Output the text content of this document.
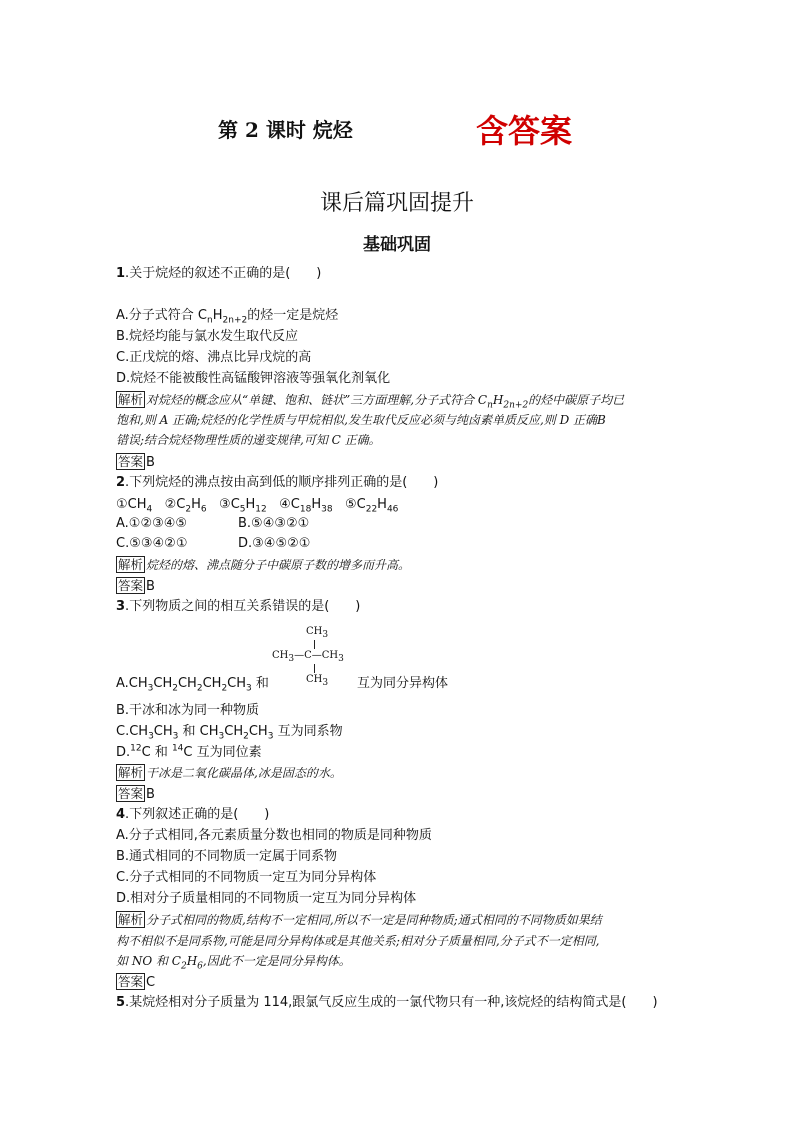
第 2 课时 烷烃	含答案
课后篇巩固提升
基础巩固
1.关于烷烃的叙述不正确的是(　　)
A.分子式符合 $C_nH_{2n+2}$的烃一定是烷烃
B.烷烃均能与氯水发生取代反应
C.正戊烷的熔、沸点比异戊烷的高
D.烷烃不能被酸性高锰酸钾溶液等强氧化剂氧化
解析 对烷烃的概念应从“单键、饱和、链状”三方面理解,分子式符合 $C_nH_{2n+2}$的烃中碳原子均已
饱和,则 A 正确;烷烃的化学性质与甲烷相似,发生取代反应必须与纯卤素单质反应,则 D 正确B
错误;结合烷烃物理性质的递变规律,可知 C 正确。
答案 B
2.下列烷烃的沸点按由高到低的顺序排列正确的是(　　)
$①CH_4$ $②C_2H_6$ $③C_5H_{12}$ $④C_{18}H_{38}$ $⑤C_{22}H_{46}$
A.①②③④⑤	B.⑤④③②①
C.⑤③④②①	D.③④⑤②①
解析 烷烃的熔、沸点随分子中碳原子数的增多而升高。
答案 B
3.下列物质之间的相互关系错误的是(　　)
$CH_3$
$CH_3—C—CH_3$
$CH_3$
$A.CH_3CH_2CH_2CH_2CH_3$ 和	互为同分异构体
B.干冰和冰为同一种物质
$C.CH_3CH_3$ 和 $CH_3CH_2CH_3$ 互为同系物
D.$^{12}$C 和 $^{14}$C 互为同位素
解析 干冰是二氧化碳晶体,冰是固态的水。
答案 B
4.下列叙述正确的是(　　)
A.分子式相同,各元素质量分数也相同的物质是同种物质
B.通式相同的不同物质一定属于同系物
C.分子式相同的不同物质一定互为同分异构体
D.相对分子质量相同的不同物质一定互为同分异构体
解析 分子式相同的物质,结构不一定相同,所以不一定是同种物质;通式相同的不同物质如果结
构不相似不是同系物,可能是同分异构体或是其他关系;相对分子质量相同,分子式不一定相同,
如 NO 和 $C_2H_6$,因此不一定是同分异构体。
答案 C
5.某烷烃相对分子质量为 114,跟氯气反应生成的一氯代物只有一种,该烷烃的结构简式是(　　)
